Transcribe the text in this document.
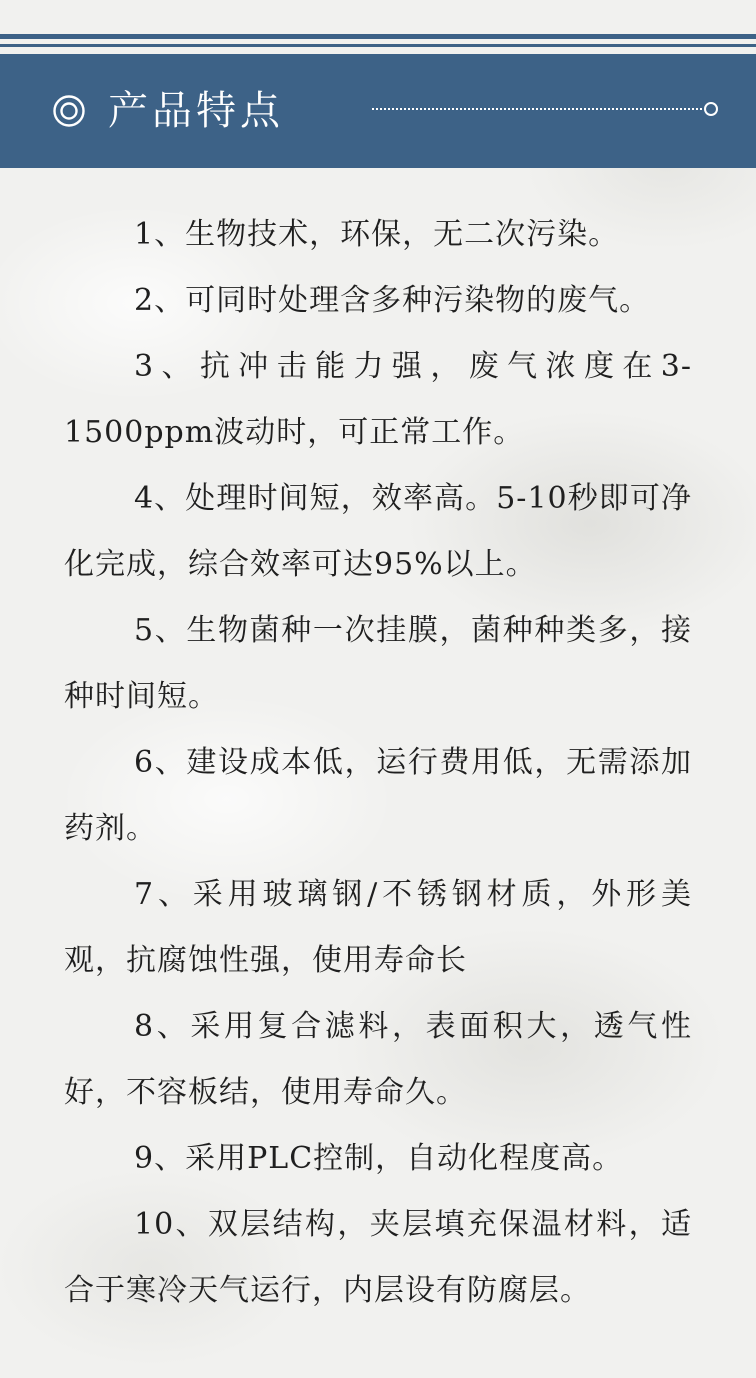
产品特点
1、生物技术，环保，无二次污染。
2、可同时处理含多种污染物的废气。
3、抗冲击能力强，废气浓度在3-1500ppm波动时，可正常工作。
4、处理时间短，效率高。5-10秒即可净化完成，综合效率可达95%以上。
5、生物菌种一次挂膜，菌种种类多，接种时间短。
6、建设成本低，运行费用低，无需添加药剂。
7、采用玻璃钢/不锈钢材质，外形美观，抗腐蚀性强，使用寿命长
8、采用复合滤料，表面积大，透气性好，不容板结，使用寿命久。
9、采用PLC控制，自动化程度高。
10、双层结构，夹层填充保温材料，适合于寒冷天气运行，内层设有防腐层。
